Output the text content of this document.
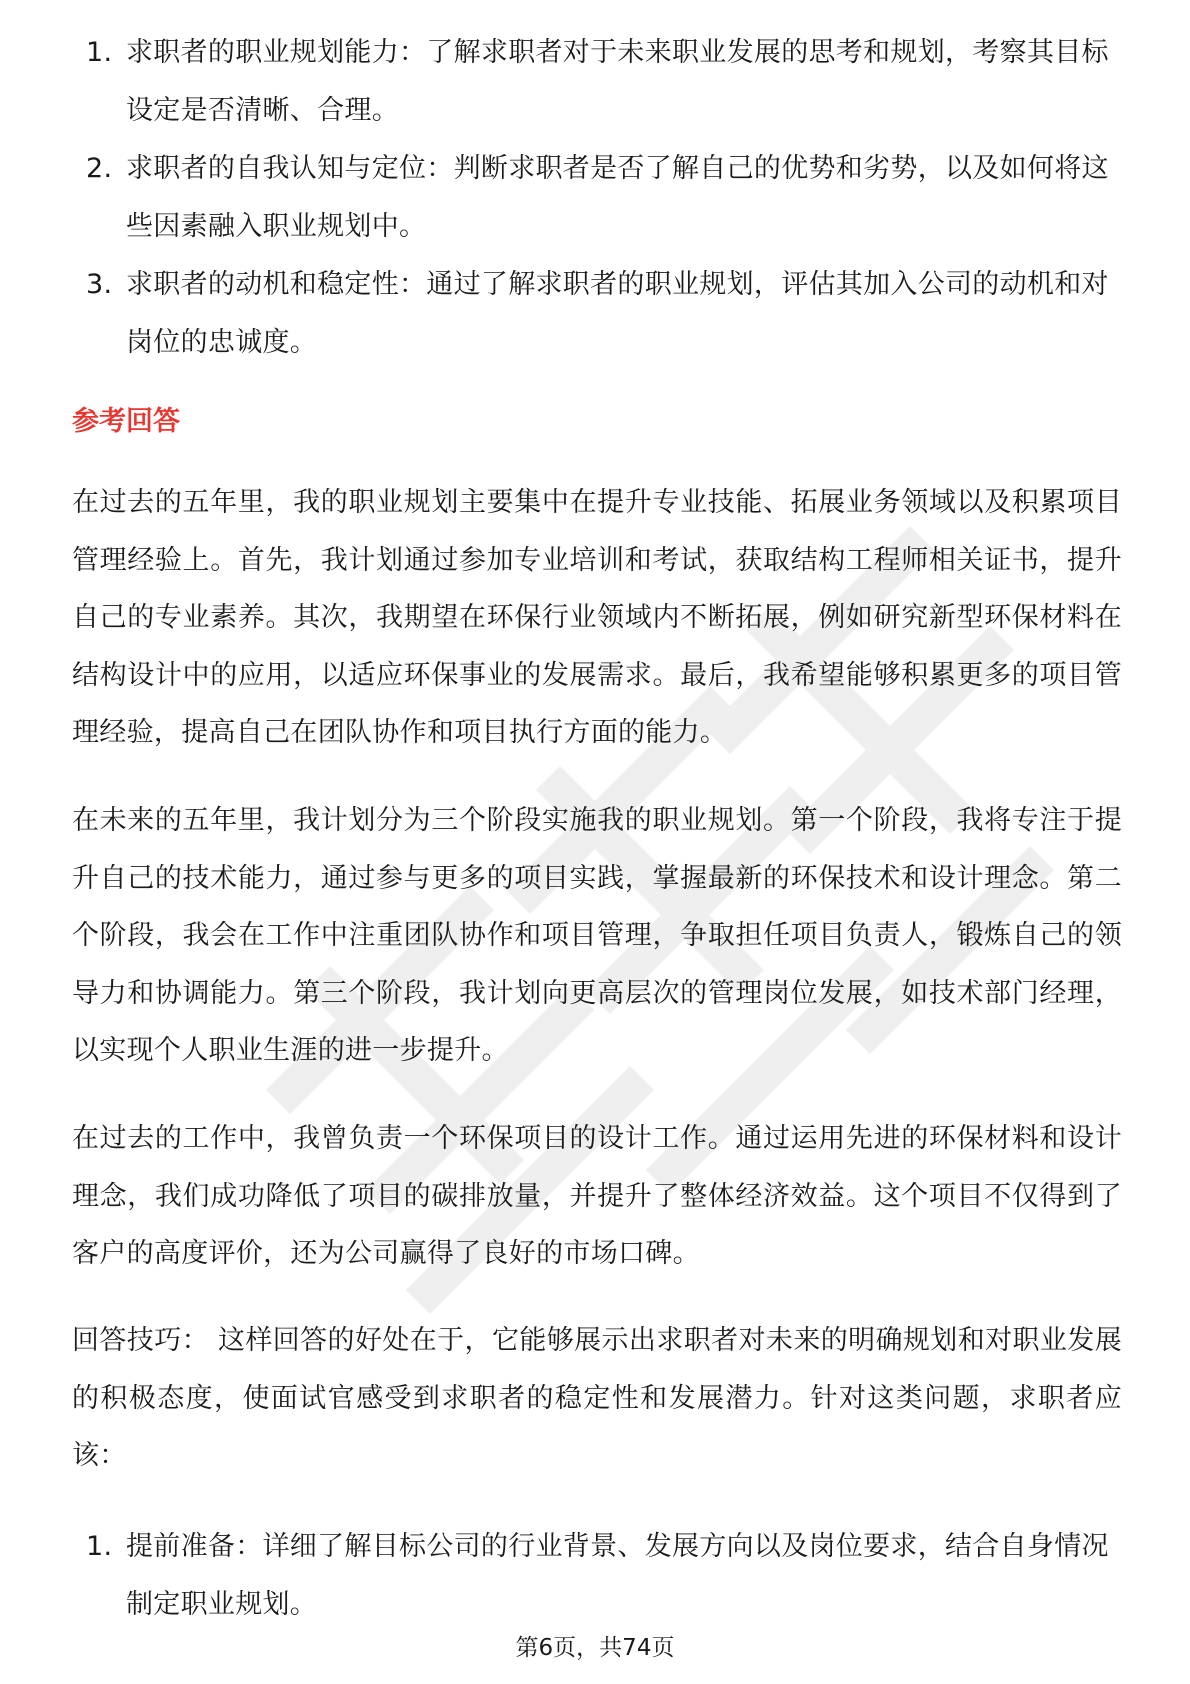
1. 求职者的职业规划能力：了解求职者对于未来职业发展的思考和规划，考察其目标设定是否清晰、合理。
2. 求职者的自我认知与定位：判断求职者是否了解自己的优势和劣势，以及如何将这些因素融入职业规划中。
3. 求职者的动机和稳定性：通过了解求职者的职业规划，评估其加入公司的动机和对岗位的忠诚度。
参考回答

在过去的五年里，我的职业规划主要集中在提升专业技能、拓展业务领域以及积累项目管理经验上。首先，我计划通过参加专业培训和考试，获取结构工程师相关证书，提升自己的专业素养。其次，我期望在环保行业领域内不断拓展，例如研究新型环保材料在结构设计中的应用，以适应环保事业的发展需求。最后，我希望能够积累更多的项目管理经验，提高自己在团队协作和项目执行方面的能力。

在未来的五年里，我计划分为三个阶段实施我的职业规划。第一个阶段，我将专注于提升自己的技术能力，通过参与更多的项目实践，掌握最新的环保技术和设计理念。第二个阶段，我会在工作中注重团队协作和项目管理，争取担任项目负责人，锻炼自己的领导力和协调能力。第三个阶段，我计划向更高层次的管理岗位发展，如技术部门经理，以实现个人职业生涯的进一步提升。

在过去的工作中，我曾负责一个环保项目的设计工作。通过运用先进的环保材料和设计理念，我们成功降低了项目的碳排放量，并提升了整体经济效益。这个项目不仅得到了客户的高度评价，还为公司赢得了良好的市场口碑。

回答技巧： 这样回答的好处在于，它能够展示出求职者对未来的明确规划和对职业发展的积极态度，使面试官感受到求职者的稳定性和发展潜力。针对这类问题，求职者应该：

1. 提前准备：详细了解目标公司的行业背景、发展方向以及岗位要求，结合自身情况制定职业规划。
第6页，共74页
